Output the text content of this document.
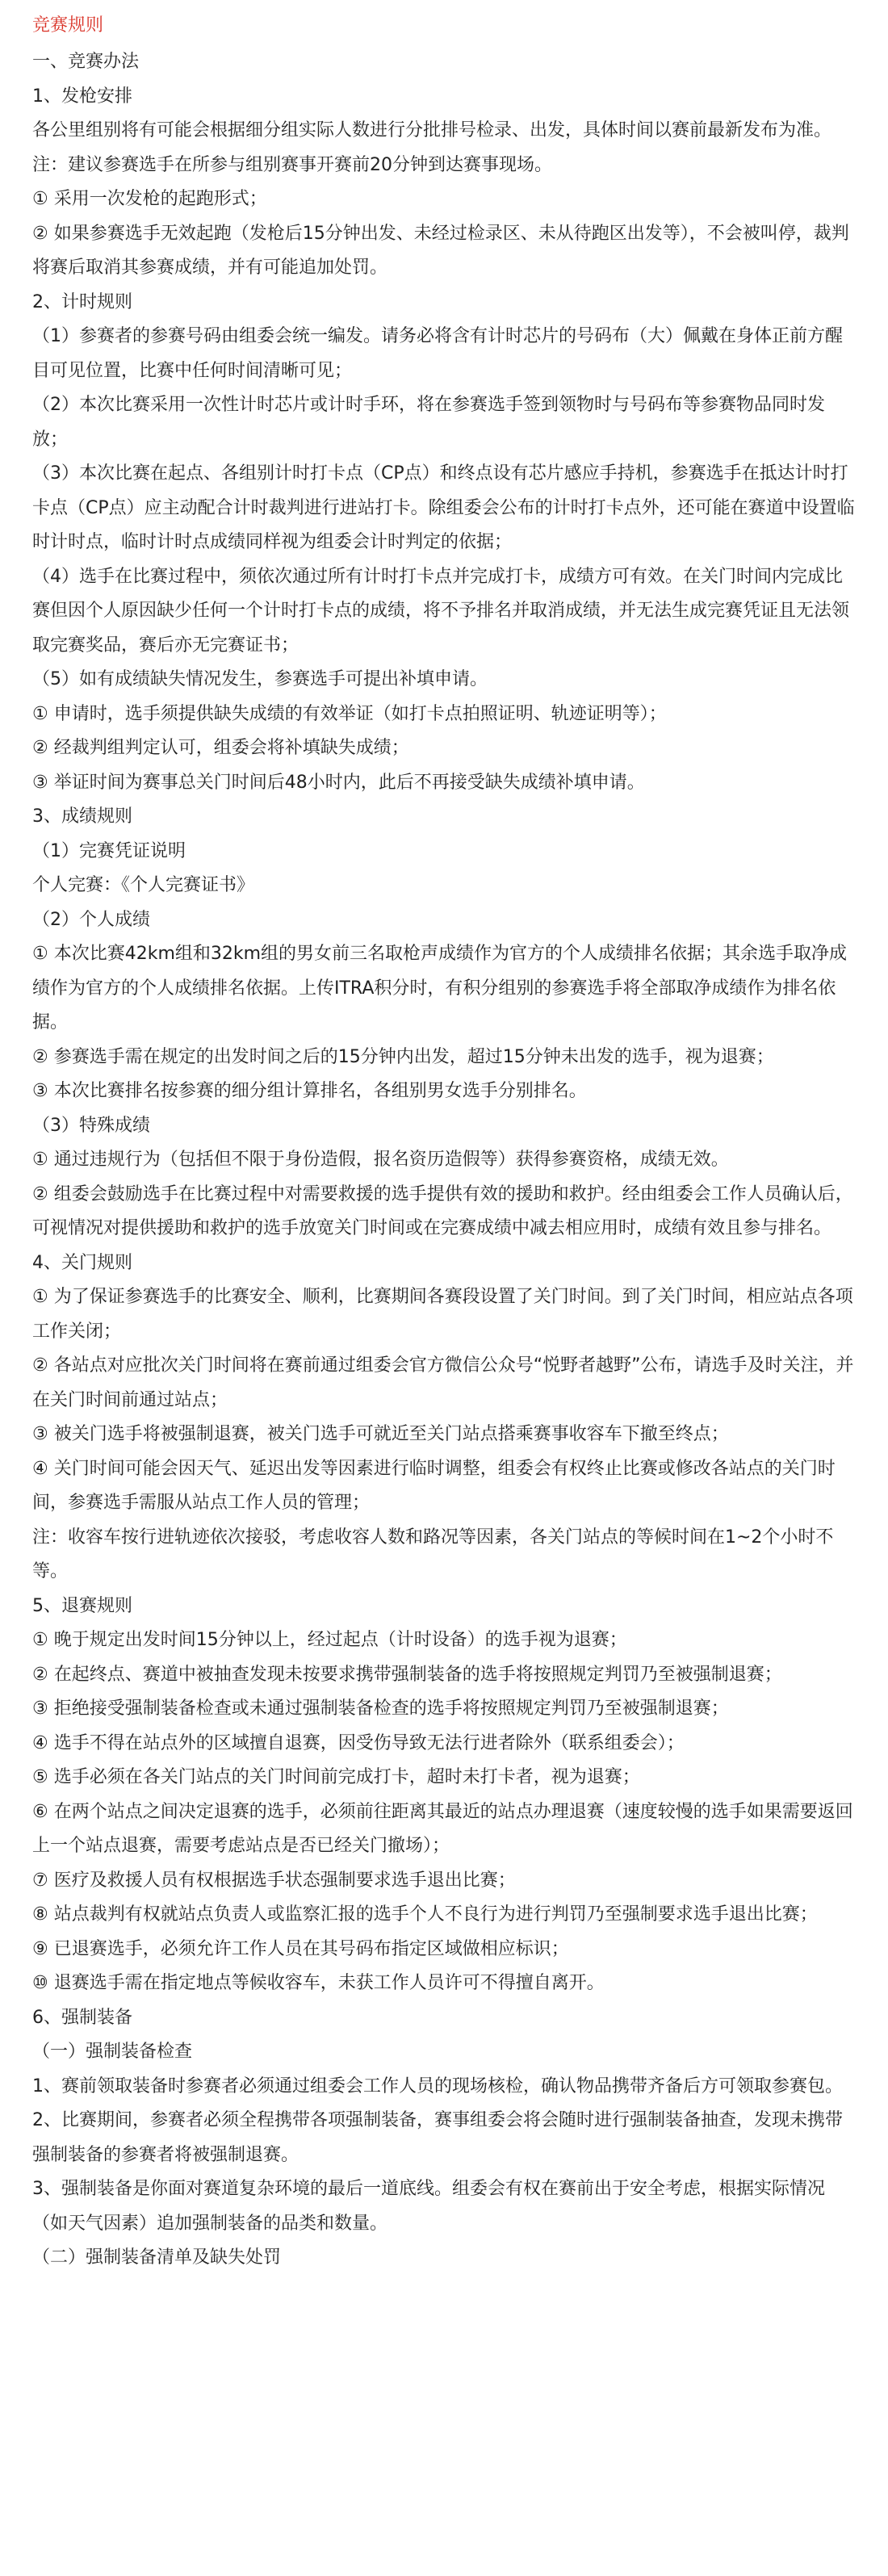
竞赛规则
一、竞赛办法
1、发枪安排
各公里组别将有可能会根据细分组实际人数进行分批排号检录、出发，具体时间以赛前最新发布为准。
注：建议参赛选手在所参与组别赛事开赛前20分钟到达赛事现场。
① 采用一次发枪的起跑形式；
② 如果参赛选手无效起跑（发枪后15分钟出发、未经过检录区、未从待跑区出发等），不会被叫停，裁判将赛后取消其参赛成绩，并有可能追加处罚。
2、计时规则
（1）参赛者的参赛号码由组委会统一编发。请务必将含有计时芯片的号码布（大）佩戴在身体正前方醒目可见位置，比赛中任何时间清晰可见；
（2）本次比赛采用一次性计时芯片或计时手环，将在参赛选手签到领物时与号码布等参赛物品同时发放；
（3）本次比赛在起点、各组别计时打卡点（CP点）和终点设有芯片感应手持机，参赛选手在抵达计时打卡点（CP点）应主动配合计时裁判进行进站打卡。除组委会公布的计时打卡点外，还可能在赛道中设置临时计时点，临时计时点成绩同样视为组委会计时判定的依据；
（4）选手在比赛过程中，须依次通过所有计时打卡点并完成打卡，成绩方可有效。在关门时间内完成比赛但因个人原因缺少任何一个计时打卡点的成绩，将不予排名并取消成绩，并无法生成完赛凭证且无法领取完赛奖品，赛后亦无完赛证书；
（5）如有成绩缺失情况发生，参赛选手可提出补填申请。
① 申请时，选手须提供缺失成绩的有效举证（如打卡点拍照证明、轨迹证明等）；
② 经裁判组判定认可，组委会将补填缺失成绩；
③ 举证时间为赛事总关门时间后48小时内，此后不再接受缺失成绩补填申请。
3、成绩规则
（1）完赛凭证说明
个人完赛：《个人完赛证书》
（2）个人成绩
① 本次比赛42km组和32km组的男女前三名取枪声成绩作为官方的个人成绩排名依据；其余选手取净成绩作为官方的个人成绩排名依据。上传ITRA积分时，有积分组别的参赛选手将全部取净成绩作为排名依据。
② 参赛选手需在规定的出发时间之后的15分钟内出发，超过15分钟未出发的选手，视为退赛；
③ 本次比赛排名按参赛的细分组计算排名，各组别男女选手分别排名。
（3）特殊成绩
① 通过违规行为（包括但不限于身份造假，报名资历造假等）获得参赛资格，成绩无效。
② 组委会鼓励选手在比赛过程中对需要救援的选手提供有效的援助和救护。经由组委会工作人员确认后，可视情况对提供援助和救护的选手放宽关门时间或在完赛成绩中减去相应用时，成绩有效且参与排名。
4、关门规则
① 为了保证参赛选手的比赛安全、顺利，比赛期间各赛段设置了关门时间。到了关门时间，相应站点各项工作关闭；
② 各站点对应批次关门时间将在赛前通过组委会官方微信公众号“悦野者越野”公布，请选手及时关注，并在关门时间前通过站点；
③ 被关门选手将被强制退赛，被关门选手可就近至关门站点搭乘赛事收容车下撤至终点；
④ 关门时间可能会因天气、延迟出发等因素进行临时调整，组委会有权终止比赛或修改各站点的关门时间，参赛选手需服从站点工作人员的管理；
注：收容车按行进轨迹依次接驳，考虑收容人数和路况等因素，各关门站点的等候时间在1~2个小时不等。
5、退赛规则
① 晚于规定出发时间15分钟以上，经过起点（计时设备）的选手视为退赛；
② 在起终点、赛道中被抽查发现未按要求携带强制装备的选手将按照规定判罚乃至被强制退赛；
③ 拒绝接受强制装备检查或未通过强制装备检查的选手将按照规定判罚乃至被强制退赛；
④ 选手不得在站点外的区域擅自退赛，因受伤导致无法行进者除外（联系组委会）；
⑤ 选手必须在各关门站点的关门时间前完成打卡，超时未打卡者，视为退赛；
⑥ 在两个站点之间决定退赛的选手，必须前往距离其最近的站点办理退赛（速度较慢的选手如果需要返回上一个站点退赛，需要考虑站点是否已经关门撤场）；
⑦ 医疗及救援人员有权根据选手状态强制要求选手退出比赛；
⑧ 站点裁判有权就站点负责人或监察汇报的选手个人不良行为进行判罚乃至强制要求选手退出比赛；
⑨ 已退赛选手，必须允许工作人员在其号码布指定区域做相应标识；
⑩ 退赛选手需在指定地点等候收容车，未获工作人员许可不得擅自离开。
6、强制装备
（一）强制装备检查
1、赛前领取装备时参赛者必须通过组委会工作人员的现场核检，确认物品携带齐备后方可领取参赛包。
2、比赛期间，参赛者必须全程携带各项强制装备，赛事组委会将会随时进行强制装备抽查，发现未携带强制装备的参赛者将被强制退赛。
3、强制装备是你面对赛道复杂环境的最后一道底线。组委会有权在赛前出于安全考虑，根据实际情况（如天气因素）追加强制装备的品类和数量。
（二）强制装备清单及缺失处罚
